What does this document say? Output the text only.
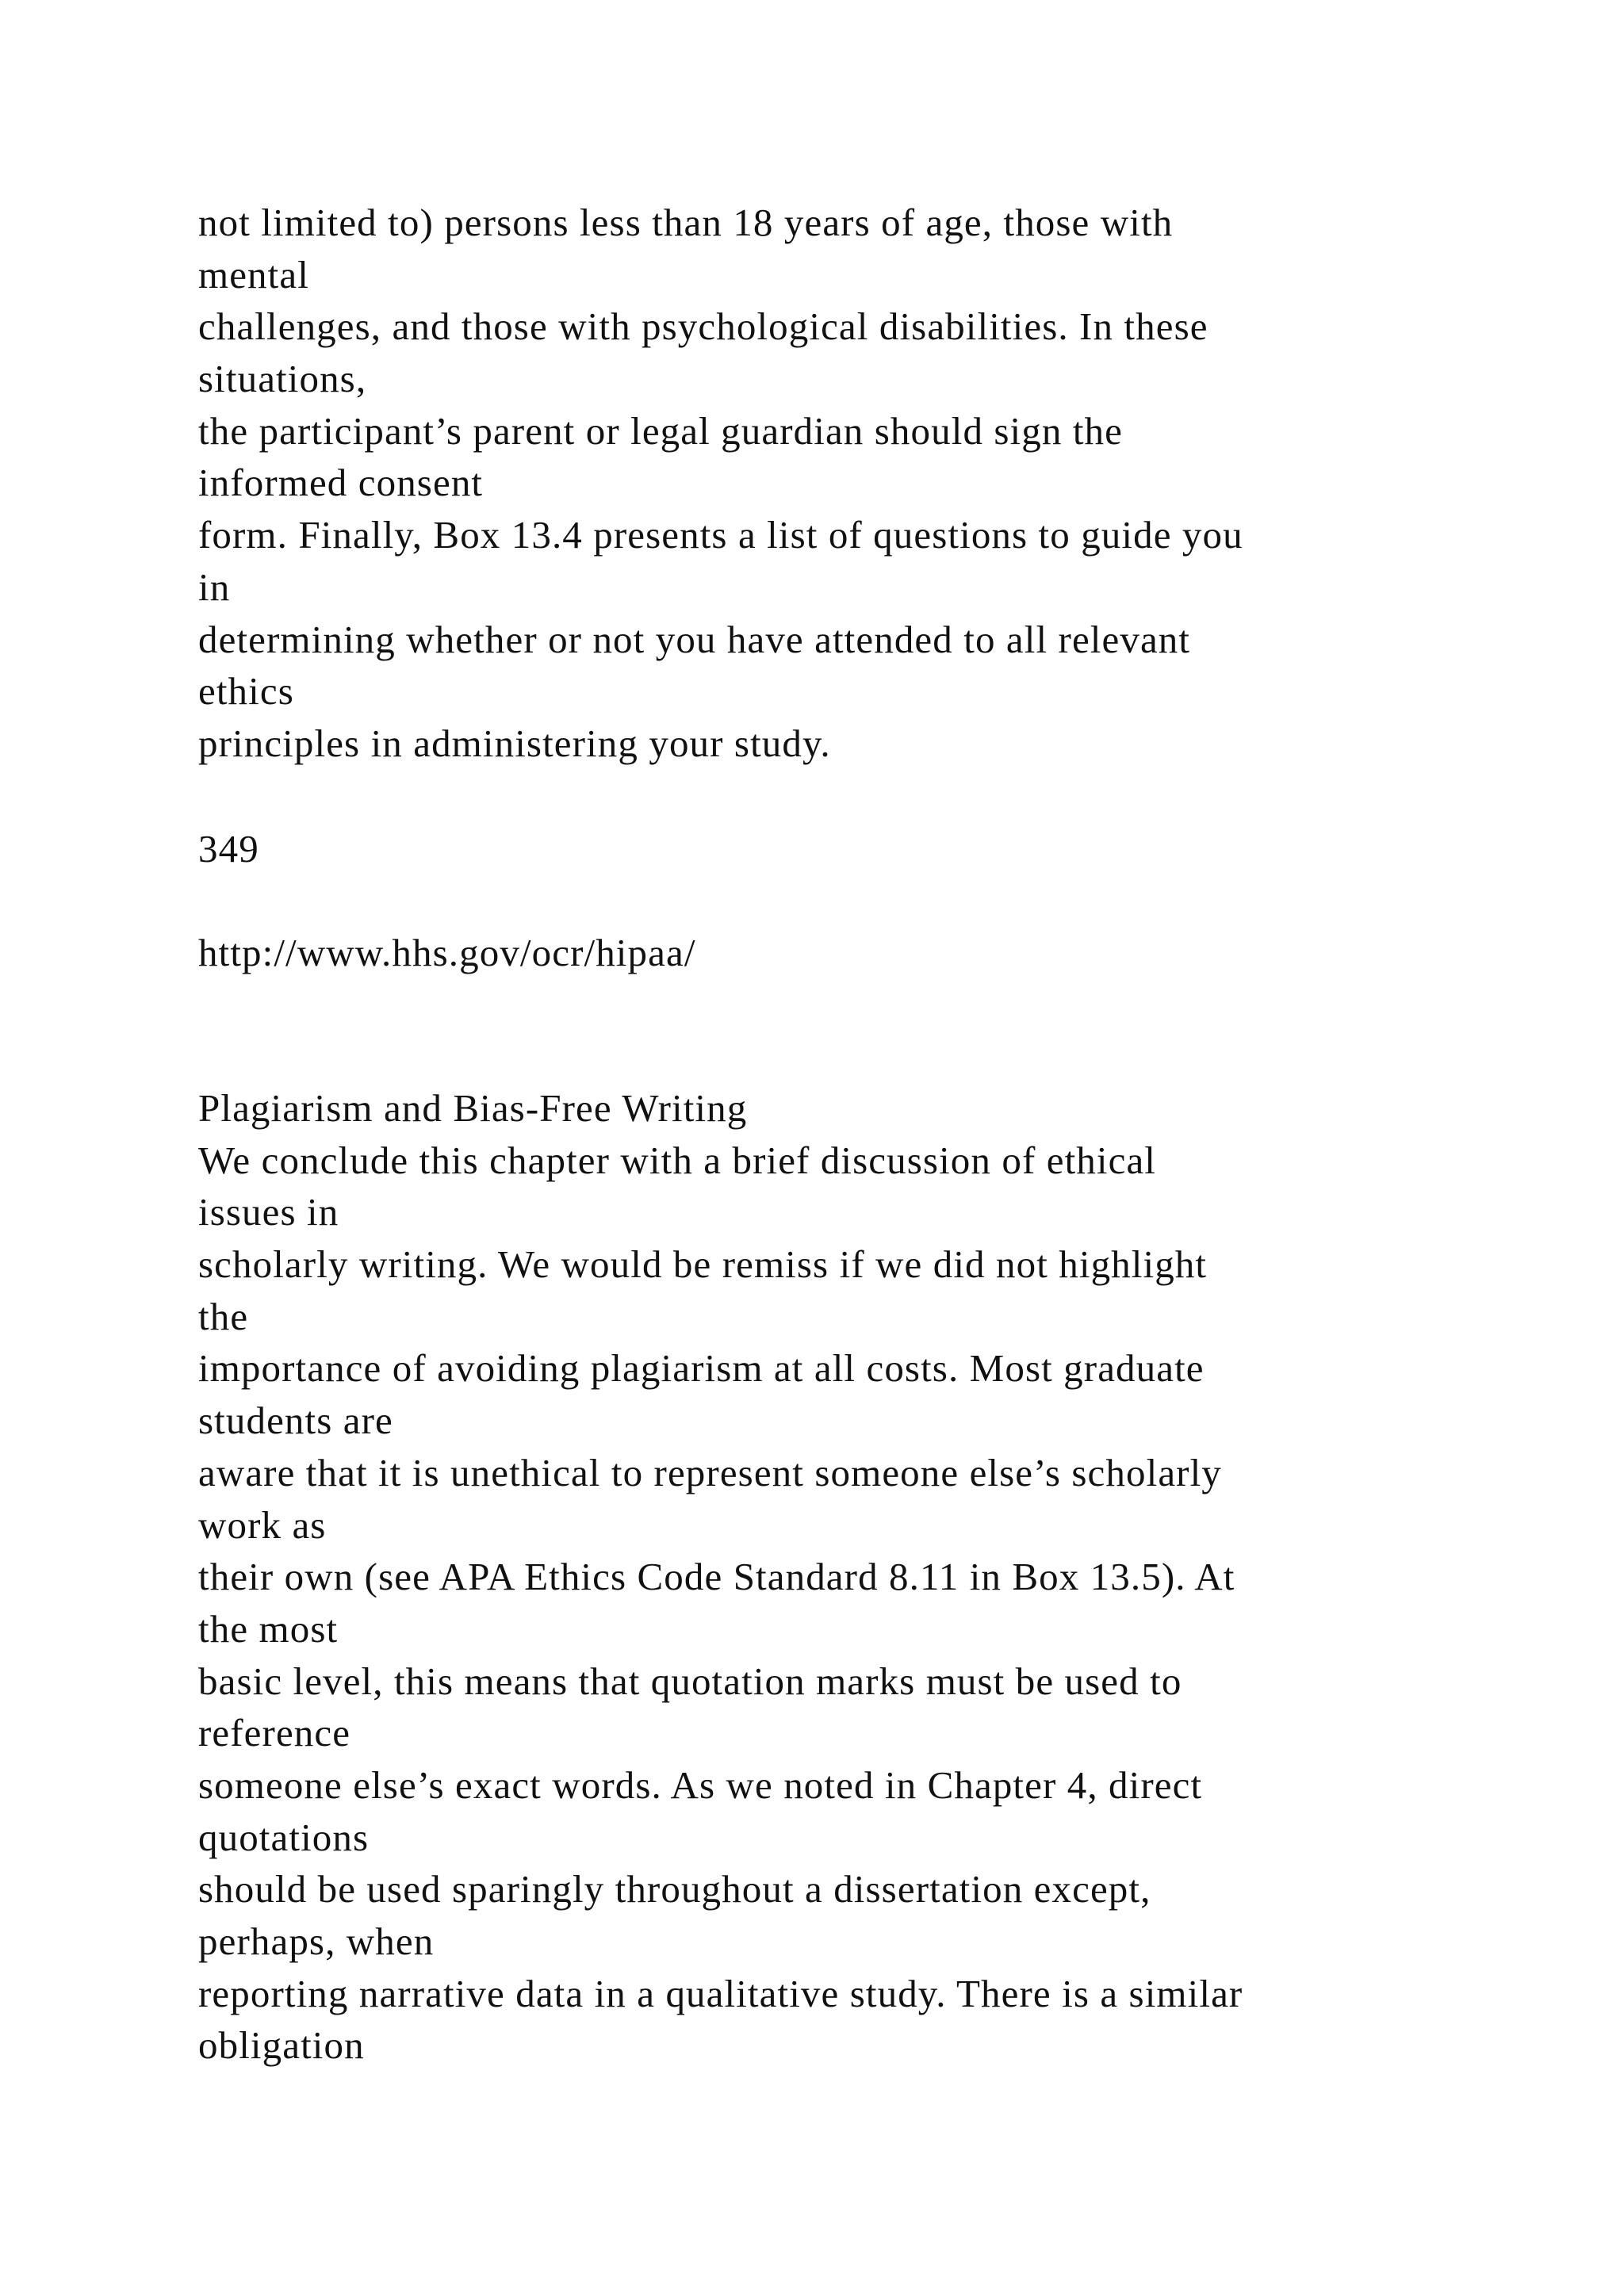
not limited to) persons less than 18 years of age, those with
mental
challenges, and those with psychological disabilities. In these
situations,
the participant’s parent or legal guardian should sign the
informed consent
form. Finally, Box 13.4 presents a list of questions to guide you
in
determining whether or not you have attended to all relevant
ethics
principles in administering your study.
349
http://www.hhs.gov/ocr/hipaa/
Plagiarism and Bias-Free Writing
We conclude this chapter with a brief discussion of ethical
issues in
scholarly writing. We would be remiss if we did not highlight
the
importance of avoiding plagiarism at all costs. Most graduate
students are
aware that it is unethical to represent someone else’s scholarly
work as
their own (see APA Ethics Code Standard 8.11 in Box 13.5). At
the most
basic level, this means that quotation marks must be used to
reference
someone else’s exact words. As we noted in Chapter 4, direct
quotations
should be used sparingly throughout a dissertation except,
perhaps, when
reporting narrative data in a qualitative study. There is a similar
obligation
